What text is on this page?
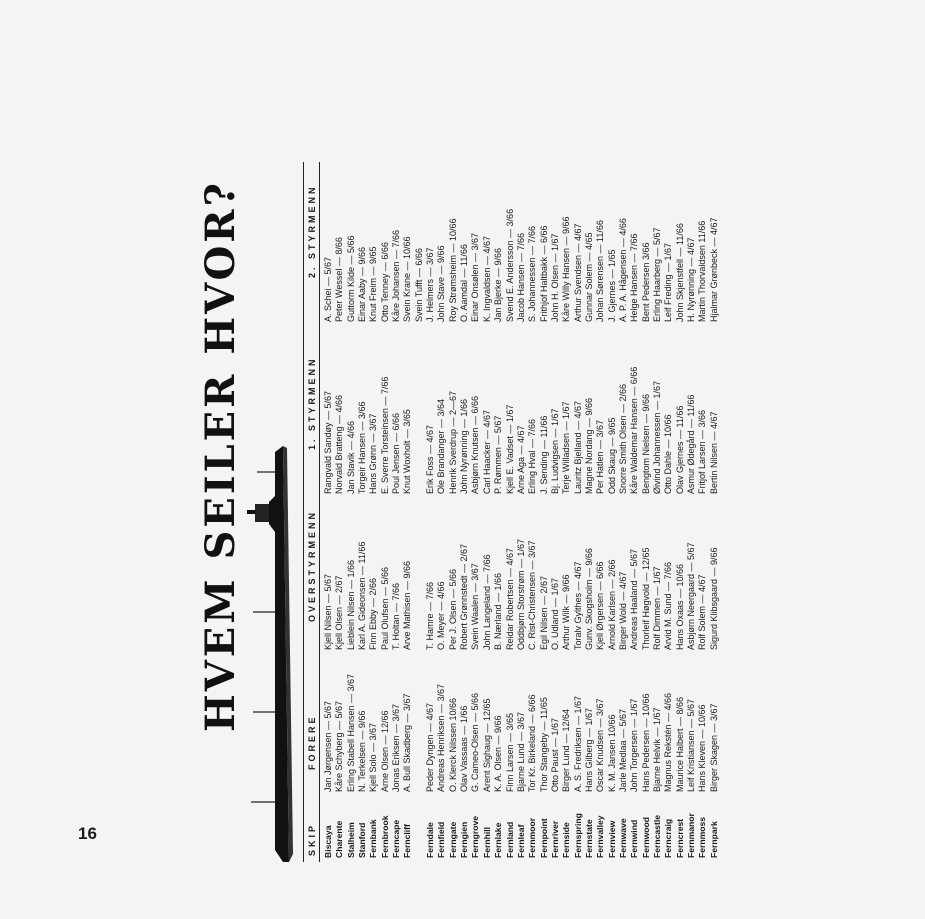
16
HVEM SEILER HVOR?
SKIP
FORERE
OVERSTYRMENN
1. STYRMENN
2. STYRMENN
Biscaya Charente Stalheim Stanford Fernbank Fernbrook Ferncape Ferncliff Ferndale Fernfield Ferngate Ferngien Ferngrove Fernhill Fernlake Fernland Fernleaf Fernmoor Fernpoint Fernriver Fernside Fernspring Fernstate Fernvalley Fernview Fernwave Fernwind Fernwood Ferncastle Ferncraig Ferncrest Fernmanor Fernmoss Fernpark
Jan Jørgensen — 5/67 Kåre Schyberg — 5/67 Erling Stabell Hansen — 3/67 N. Terkelsen — 9/66 Kjell Solo — 3/67 Arne Olsen — 12/66 Jonas Eriksen — 3/67 A. Bull Skadberg — 3/67 Peder Dyngen — 4/67 Andreas Henriksen — 3/67 O. Klerck Nilssen 10/66 Olav Vassaas — 1/66 G. Cameo-Olsen — 5/66 Arent Sighaug — 12/65 K. A. Olsen — 9/66 Finn Larsen — 3/65 Bjarne Lund — 3/67 Tor Kr. Birkeland — 6/66 Thor Stangeby — 11/65 Otto Paust — 1/67 Birger Lund — 12/64 A. S. Fredriksen — 1/67 Hans Gilberg — 1/67 Oscar Knudsen — 3/67 K. M. Jansen 10/66 Jarle Medlaa — 5/67 John Torgersen — 1/67 Hans Pedersen — 10/66 Bjarne Helvik — 1/67 Magnus Rekstén — 4/66 Maurice Halbert — 8/66 Leif Kristiansen — 5/67 Hans Kleven — 10/66 Birger Skagen — 3/67
Kjell Nilsen — 5/67 Kjell Olsen — 2/67 Lieblein Nilsen — 1/66 Karl A. Gideonsen — 11/66 Finn Ebby — 2/66 Paul Olufsen — 5/66 T. Holtan — 7/66 Arve Mathisen — 9/66 T. Hamre — 7/66 O. Meyer — 4/66 Per J. Olsen — 5/66 Robert Grønnstedt — 2/67 Svein Waalen — 3/67 John Langeland — 7/66 B. Nærland — 1/66 Reidar Robertsen — 4/67 Oddbjørn Storstrøm — 1/67 C. Rist-Christensen — 3/67 Egil Nilsen — 2/67 O. Udland — 1/67 Arthur Wilk — 9/66 Toralv Gylthes — 4/67 Gunv. Skogsholm — 9/66 Kjell Ørgersen — 6/66 Arnold Karlsen — 2/66 Birger Wold — 4/67 Andreas Haaland — 5/67 Thorleif Høgvold — 12/65 Rolf Dimmen — 1/67 Arvid M. Sund — 7/66 Hans Oxaas — 10/66 Asbjørn Neergaard — 5/67 Rolf Solem — 4/67 Sigurd Klibsgaard — 9/66
Rangvald Sandøy — 5/67 Norvald Bratteng — 4/66 Jan Stavik — 4/66 Torgeir Hansen — 3/66 Hans Grønn — 3/67 E. Sverre Torsteinsen — 7/66 Poul Jensen — 6/66 Knut Woxholt — 3/65 Erik Foss — 4/67 Ole Brandanger — 3/64 Henrik Sverdrup — 2—67 John Nyrønning — 1/66 Asbjørn Knutsen — 6/66 Carl Haacker — 4/67 P. Rømmen — 5/67 Kjell E. Vadset — 1/67 Arne Aga — 4/67 Erling Hval — 7/66 J. Sending — 11/66 Bj. Ludvigsen — 1/67 Terje Willadsen — 1/67 Lauritz Bjelland — 4/67 Magne Nordang — 9/66 Per Hatlen — 3/67 Odd Skaug — 9/65 Snorre Smith Olsen — 2/66 Kåre Waldemar Hansen — 6/66 Bengtom Nielsen — 9/66 Øivind Johannessen — 1/67 Otto Dahle — 10/66 Olav Gjernes — 11/66 Asmur Ødegård — 11/66 Fritjof Larsen — 3/66 Bertin Nilsen — 4/67
A. Schei — 5/67 Peter Wessel — 8/66 Guttorm Kilde — 5/66 Einar Aaby — 9/66 Knut Freim — 9/65 Otto Tenney — 6/66 Kåre Johansen — 7/66 Svein Krane — 10/66 Svein Tufft — 6/66 J. Helmers — 3/67 John Stave — 9/66 Roy Strømsheim — 10/66 O. Aamdal — 11/66 Einar Onsølen — 3/67 K. Ingvaldsen — 4/67 Jan Bjerke — 9/66 Svend E. Andersson — 3/66 Jacob Hansen — 7/66 S. Johannessen — 7/66 Frithjof Haltbakk — 6/66 John H. Olsen — 1/67 Kåre Willy Hansen — 9/66 Arthur Svendsen — 4/67 Gunnar Solem — 4/65 Johan Sørensen — 11/66 J. Gjernes — 1/65 A. P. A. Hågensen — 4/66 Helge Hansen — 7/66 Bent Pedersen 3/66 Erling Haarberg — 5/67 Leif Freding — 1/67 John Skjenstfell — 11/66 H. Nyrønning — 4/67 Martin Thorvaldsen 11/66 Hjalmar Grønbeck — 4/67
